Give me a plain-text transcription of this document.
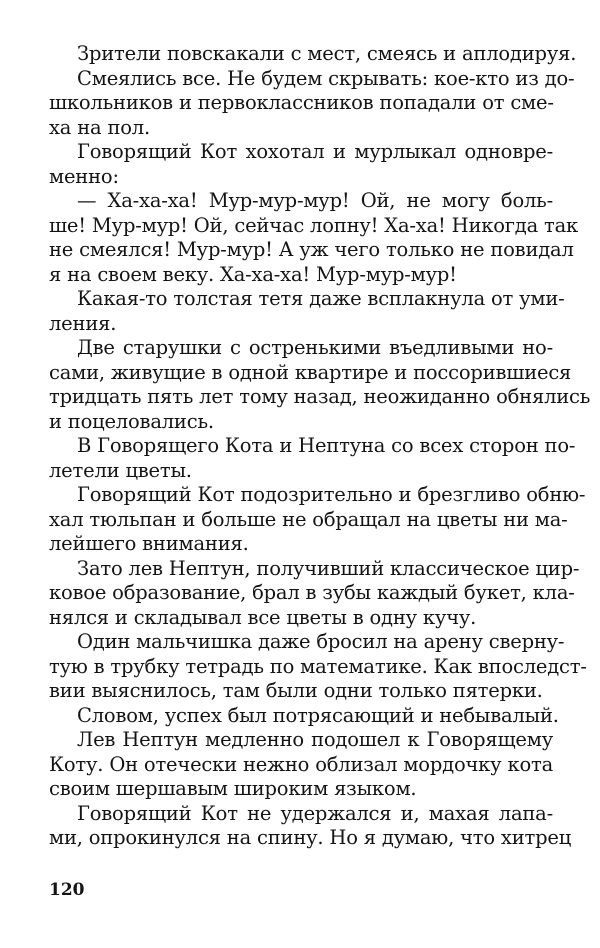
Зрители повскакали с мест, смеясь и аплодируя.
Смеялись все. Не будем скрывать: кое-кто из до-
школьников и первоклассников попадали от сме-
ха на пол.
Говорящий Кот хохотал и мурлыкал одновре-
менно:
— Ха-ха-ха! Мур-мур-мур! Ой, не могу боль-
ше! Мур-мур! Ой, сейчас лопну! Ха-ха! Никогда так
не смеялся! Мур-мур! А уж чего только не повидал
я на своем веку. Ха-ха-ха! Мур-мур-мур!
Какая-то толстая тетя даже всплакнула от уми-
ления.
Две старушки с остренькими въедливыми но-
сами, живущие в одной квартире и поссорившиеся
тридцать пять лет тому назад, неожиданно обнялись
и поцеловались.
В Говорящего Кота и Нептуна со всех сторон по-
летели цветы.
Говорящий Кот подозрительно и брезгливо обню-
хал тюльпан и больше не обращал на цветы ни ма-
лейшего внимания.
Зато лев Нептун, получивший классическое цир-
ковое образование, брал в зубы каждый букет, кла-
нялся и складывал все цветы в одну кучу.
Один мальчишка даже бросил на арену сверну-
тую в трубку тетрадь по математике. Как впоследст-
вии выяснилось, там были одни только пятерки.
Словом, успех был потрясающий и небывалый.
Лев Нептун медленно подошел к Говорящему
Коту. Он отечески нежно облизал мордочку кота
своим шершавым широким языком.
Говорящий Кот не удержался и, махая лапа-
ми, опрокинулся на спину. Но я думаю, что хитрец
120
